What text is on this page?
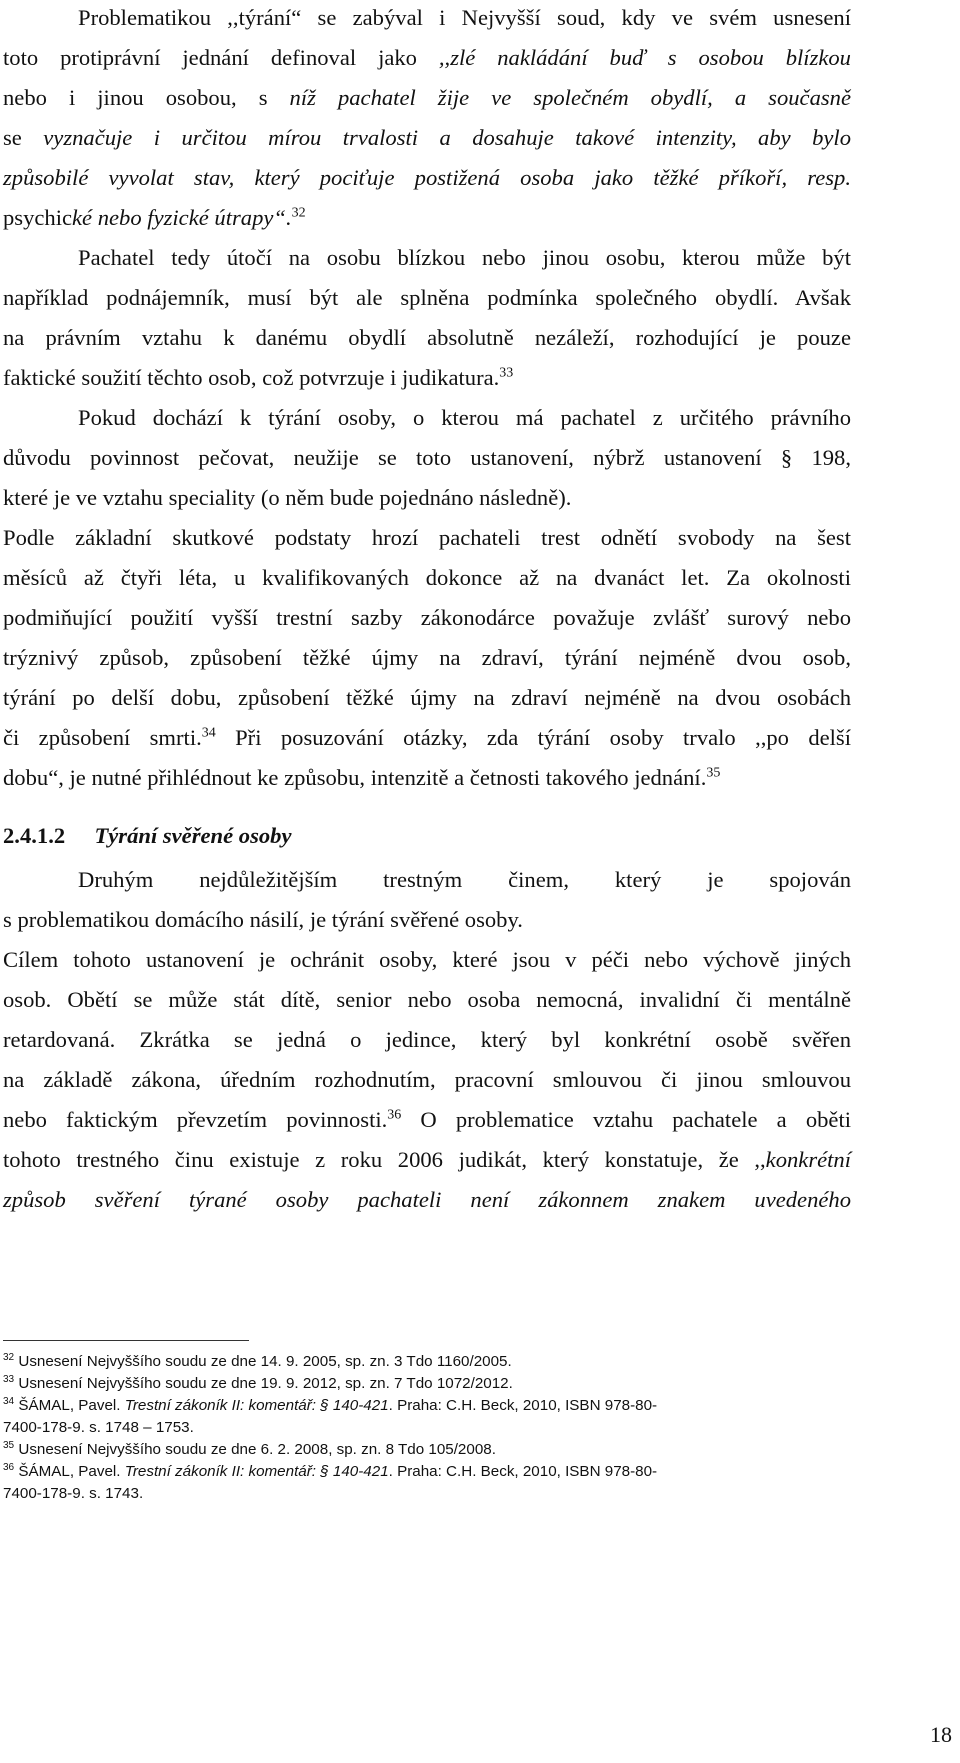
Problematikou ,,týrání“ se zabýval i Nejvyšší soud, kdy ve svém usnesení
toto protiprávní jednání definoval jako ,,zlé nakládání buď s osobou blízkou
nebo i jinou osobou, s níž pachatel žije ve společném obydlí, a současně
se vyznačuje i určitou mírou trvalosti a dosahuje takové intenzity, aby bylo
způsobilé vyvolat stav, který pociťuje postižená osoba jako těžké příkoří, resp.
psychické nebo fyzické útrapy“.$^{32}$
Pachatel tedy útočí na osobu blízkou nebo jinou osobu, kterou může být
například podnájemník, musí být ale splněna podmínka společného obydlí. Avšak
na právním vztahu k danému obydlí absolutně nezáleží, rozhodující je pouze
faktické soužití těchto osob, což potvrzuje i judikatura.$^{33}$
Pokud dochází k týrání osoby, o kterou má pachatel z určitého právního
důvodu povinnost pečovat, neužije se toto ustanovení, nýbrž ustanovení § 198,
které je ve vztahu speciality (o něm bude pojednáno následně).
Podle základní skutkové podstaty hrozí pachateli trest odnětí svobody na šest
měsíců až čtyři léta, u kvalifikovaných dokonce až na dvanáct let. Za okolnosti
podmiňující použití vyšší trestní sazby zákonodárce považuje zvlášť surový nebo
trýznivý způsob, způsobení těžké újmy na zdraví, týrání nejméně dvou osob,
týrání po delší dobu, způsobení těžké újmy na zdraví nejméně na dvou osobách
či způsobení smrti.$^{34}$ Při posuzování otázky, zda týrání osoby trvalo ,,po delší
dobu“, je nutné přihlédnout ke způsobu, intenzitě a četnosti takového jednání.$^{35}$
2.4.1.2 Týrání svěřené osoby
Druhým nejdůležitějším trestným činem, který je spojován
s problematikou domácího násilí, je týrání svěřené osoby.
Cílem tohoto ustanovení je ochránit osoby, které jsou v péči nebo výchově jiných
osob. Obětí se může stát dítě, senior nebo osoba nemocná, invalidní či mentálně
retardovaná. Zkrátka se jedná o jedince, který byl konkrétní osobě svěřen
na základě zákona, úředním rozhodnutím, pracovní smlouvou či jinou smlouvou
nebo faktickým převzetím povinnosti.$^{36}$ O problematice vztahu pachatele a oběti
tohoto trestného činu existuje z roku 2006 judikát, který konstatuje, že ,,konkrétní
způsob svěření týrané osoby pachateli není zákonnem znakem uvedeného
$^{32}$ Usnesení Nejvyššího soudu ze dne 14. 9. 2005, sp. zn. 3 Tdo 1160/2005.
$^{33}$ Usnesení Nejvyššího soudu ze dne 19. 9. 2012, sp. zn. 7 Tdo 1072/2012.
$^{34}$ ŠÁMAL, Pavel. Trestní zákoník II: komentář: § 140-421. Praha: C.H. Beck, 2010, ISBN 978-80-
7400-178-9. s. 1748 – 1753.
$^{35}$ Usnesení Nejvyššího soudu ze dne 6. 2. 2008, sp. zn. 8 Tdo 105/2008.
$^{36}$ ŠÁMAL, Pavel. Trestní zákoník II: komentář: § 140-421. Praha: C.H. Beck, 2010, ISBN 978-80-
7400-178-9. s. 1743.
18
